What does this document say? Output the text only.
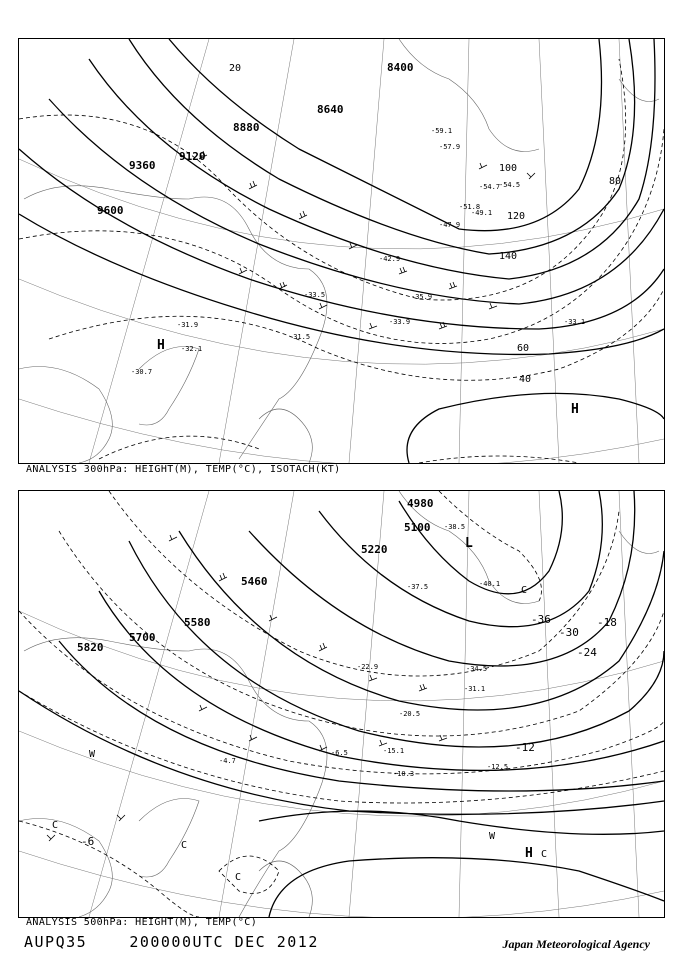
8400
8640
8880
9120
9360
9600
20
40
60
80
100
120
140
-57.9
-59.1
-54.7
-54.5
-51.8
-49.1
-47.9
-42.9
-35.9
-33.9
-31.9
-32.1
-30.7
-33.5
-31.5
-33.1
H
H
ANALYSIS 300hPa: HEIGHT(M), TEMP(°C), ISOTACH(KT)
4980
5100
5220
5460
5580
5700
5820
-36
-30
-24
-18
-12
-6
-38.5
-37.5	-40.1
-34.5
-31.1
-22.9
-20.5
-15.1
-12.5
-10.3
-6.5
-4.7
L
H
W
W
C
C
C
C
C
ANALYSIS 500hPa: HEIGHT(M), TEMP(°C)
AUPQ35	200000UTC DEC 2012	Japan Meteorological Agency
